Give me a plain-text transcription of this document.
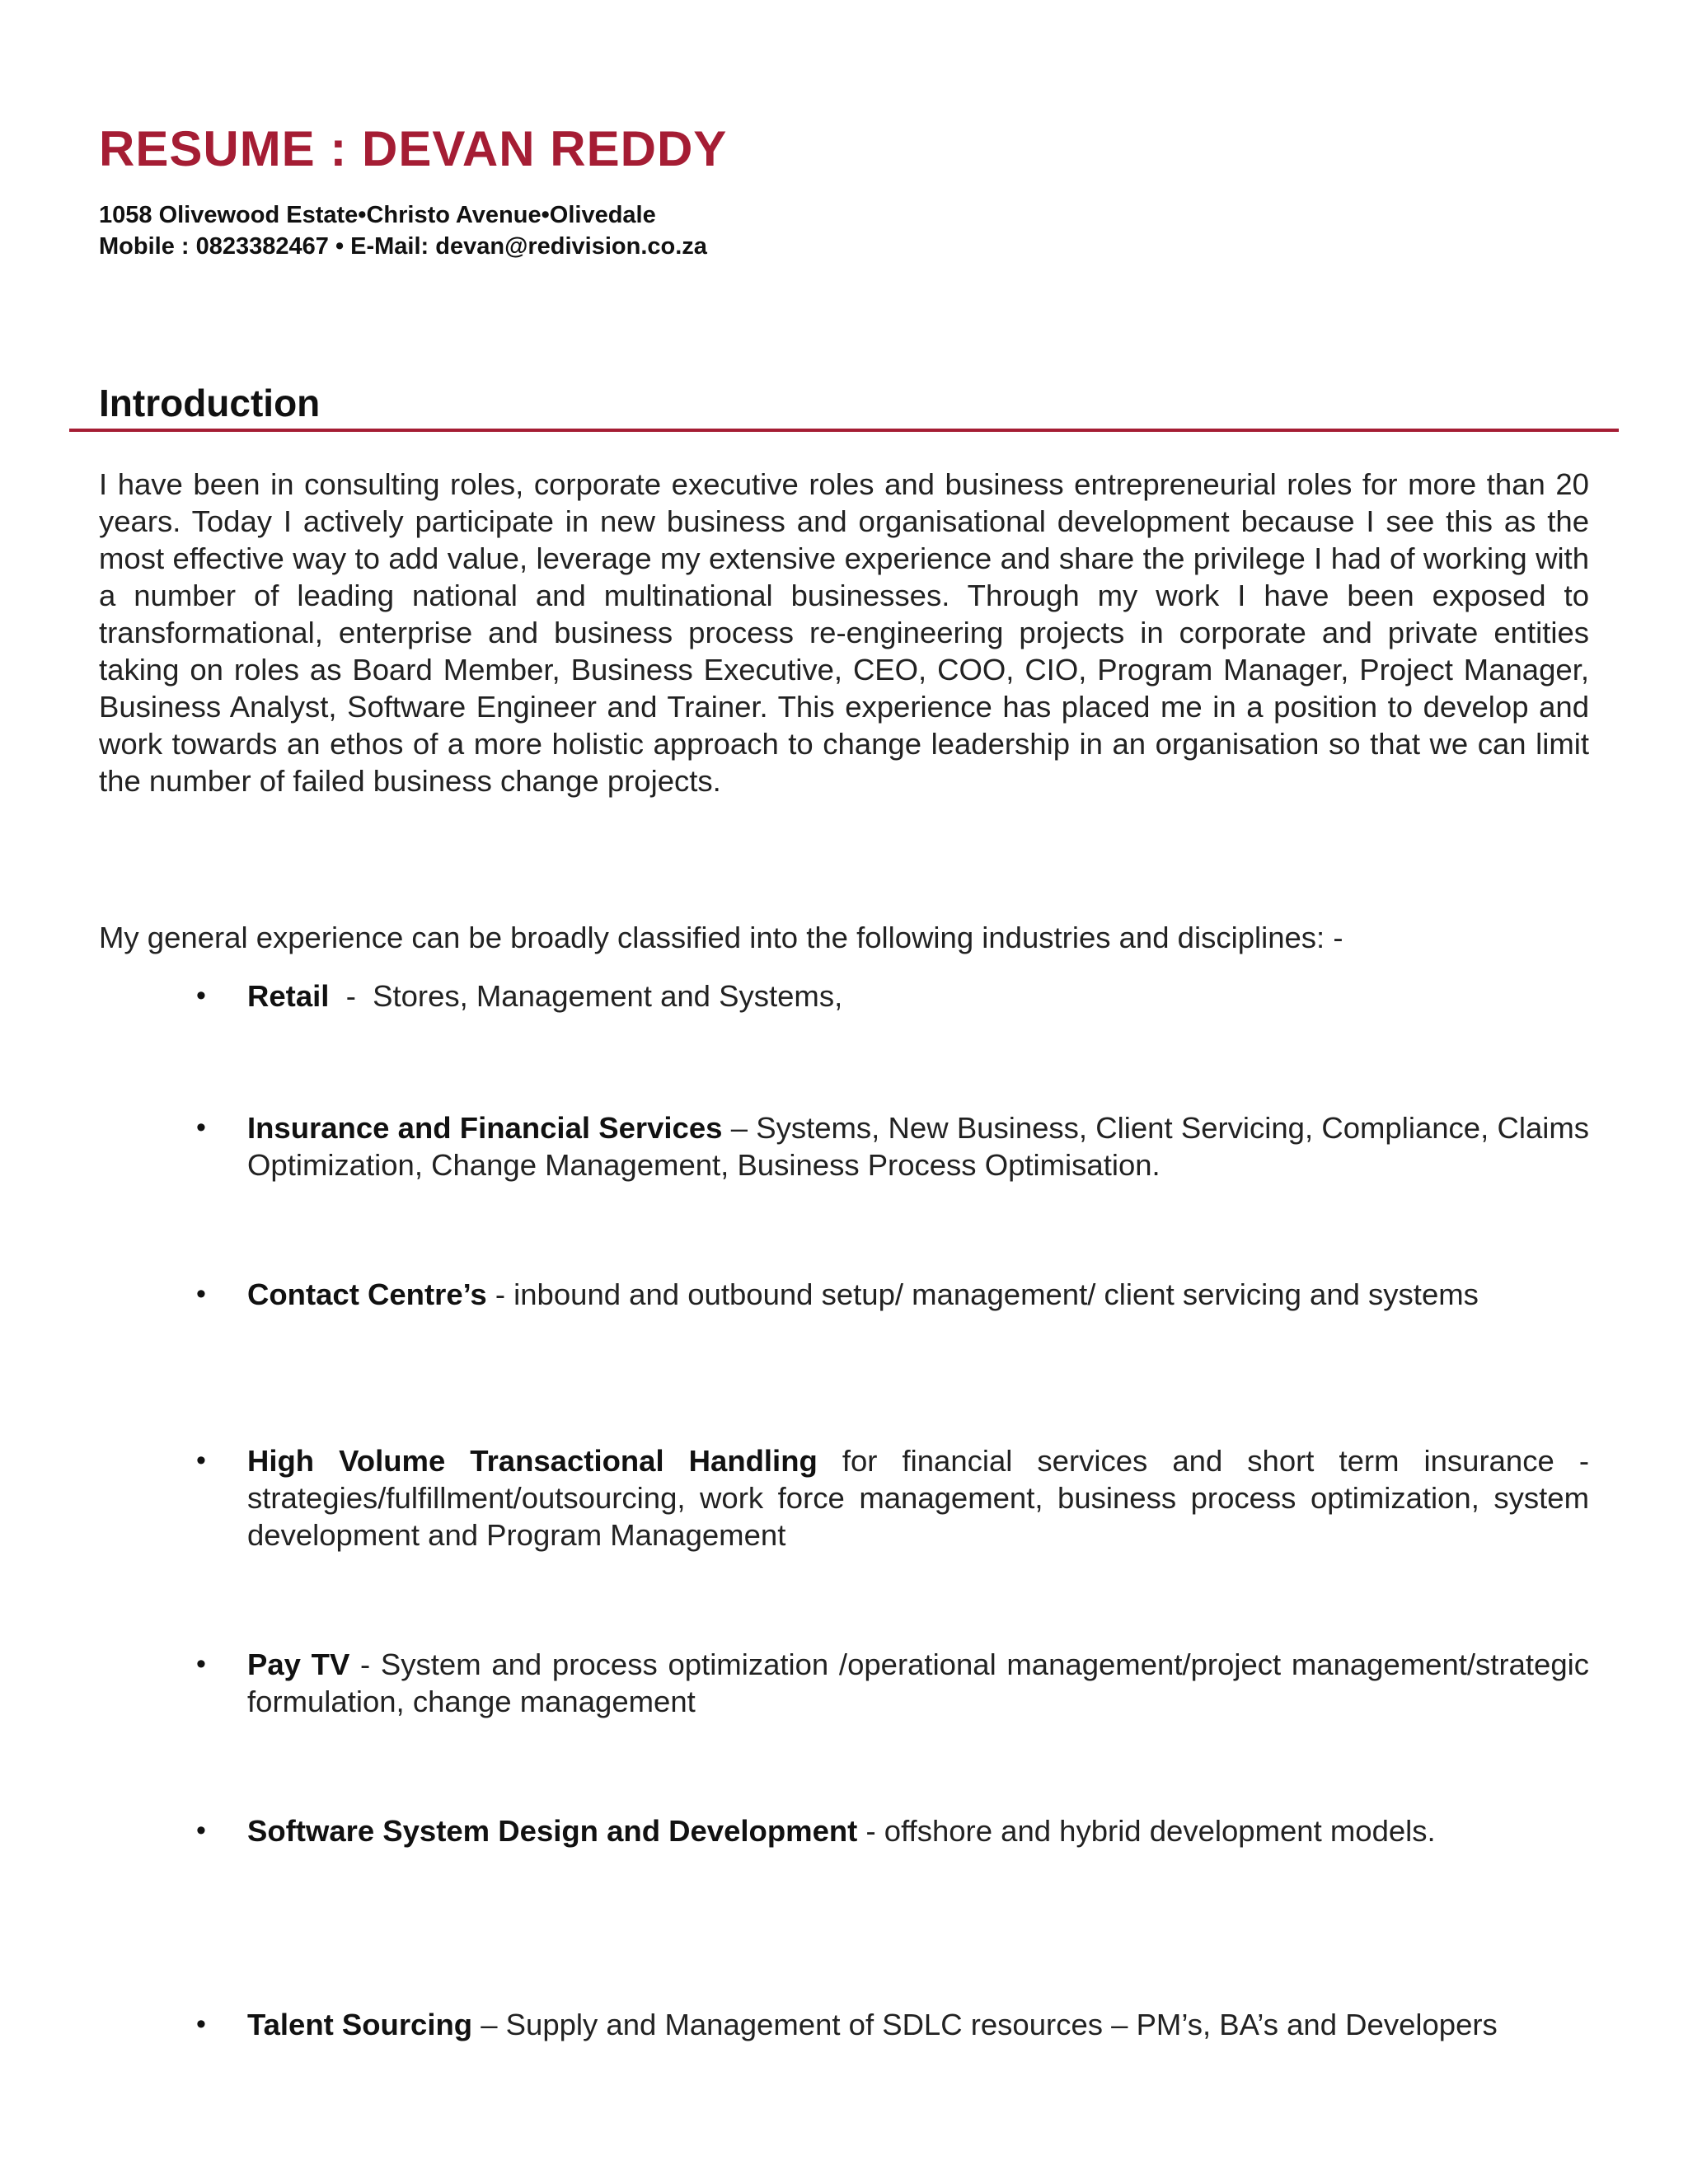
RESUME : DEVAN REDDY
1058 Olivewood Estate•Christo Avenue•Olivedale
Mobile : 0823382467 • E-Mail: devan@redivision.co.za
Introduction

I have been in consulting roles, corporate executive roles and business entrepreneurial roles for more than 20 years. Today I actively participate in new business and organisational development because I see this as the most effective way to add value, leverage my extensive experience and share the privilege I had of working with a number of leading national and multinational businesses. Through my work I have been exposed to transformational, enterprise and business process re-engineering projects in corporate and private entities taking on roles as Board Member, Business Executive, CEO, COO, CIO, Program Manager, Project Manager, Business Analyst, Software Engineer and Trainer. This experience has placed me in a position to develop and work towards an ethos of a more holistic approach to change leadership in an organisation so that we can limit the number of failed business change projects.

My general experience can be broadly classified into the following industries and disciplines: -

• Retail  -  Stores, Management and Systems,
• Insurance and Financial Services – Systems, New Business, Client Servicing, Compliance, Claims Optimization, Change Management, Business Process Optimisation.
• Contact Centre’s - inbound and outbound setup/ management/ client servicing and systems
• High Volume Transactional Handling for financial services and short term insurance - strategies/fulfillment/outsourcing, work force management, business process optimization, system development and Program Management
• Pay TV - System and process optimization /operational management/project management/strategic formulation, change management
• Software System Design and Development - offshore and hybrid development models.
• Talent Sourcing – Supply and Management of SDLC resources – PM’s, BA’s and Developers
